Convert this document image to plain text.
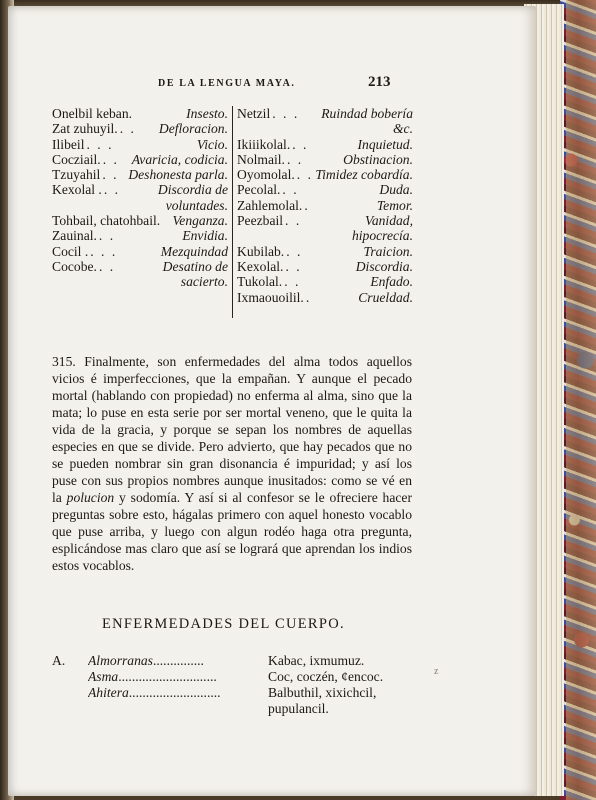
DE LA LENGUA MAYA.	213
Onelbil keban.	Insesto.
Zat zuhuyil. . . Defloracion.
Ilibeil . . .	Vicio.
Cocziail. . . Avaricia, codicia.
Tzuyahil . . Deshonesta parla.
Kexolal . . .	Discordia de voluntades.
Tohbail, chatohbail. Venganza.
Zauinal. . .	Envidia.
Cocil . . . .	Mezquindad
Cocobe. . .	Desatino de sacierto.
Netzil . . .	Ruindad bobería &c.
Ikiiikolal. . .	Inquietud.
Nolmail. . .	Obstinacion.
Oyomolal. . . Timidez cobardía.
Pecolal. . .	Duda.
Zahlemolal. .	Temor.
Peezbail . .	Vanidad, hipocrecía.
Kubilab. . .	Traicion.
Kexolal. . .	Discordia.
Tukolal. . .	Enfado.
Ixmaouoilil. .	Crueldad.
315. Finalmente, son enfermedades del alma todos aquellos vicios é imperfecciones, que la empañan. Y aunque el pecado mortal (hablando con propiedad) no enferma al alma, sino que la mata; lo puse en esta serie por ser mortal veneno, que le quita la vida de la gracia, y porque se sepan los nombres de aquellas especies en que se divide. Pero advierto, que hay pecados que no se pueden nombrar sin gran disonancia é impuridad; y así los puse con sus propios nombres aunque inusitados: como se vé en la polucion y sodomía. Y así si al confesor se le ofreciere hacer preguntas sobre esto, hágalas primero con aquel honesto vocablo que puse arriba, y luego con algun rodéo haga otra pregunta, esplicándose mas claro que así se logrará que aprendan los indios estos vocablos.
ENFERMEDADES DEL CUERPO.
A.	Almorranas...............	Kabac, ixmumuz.
Asma.............................	Coc, coczén, ¢encoc.
Ahitera...........................	Balbuthil, xixichcil, pupulancil.
z
